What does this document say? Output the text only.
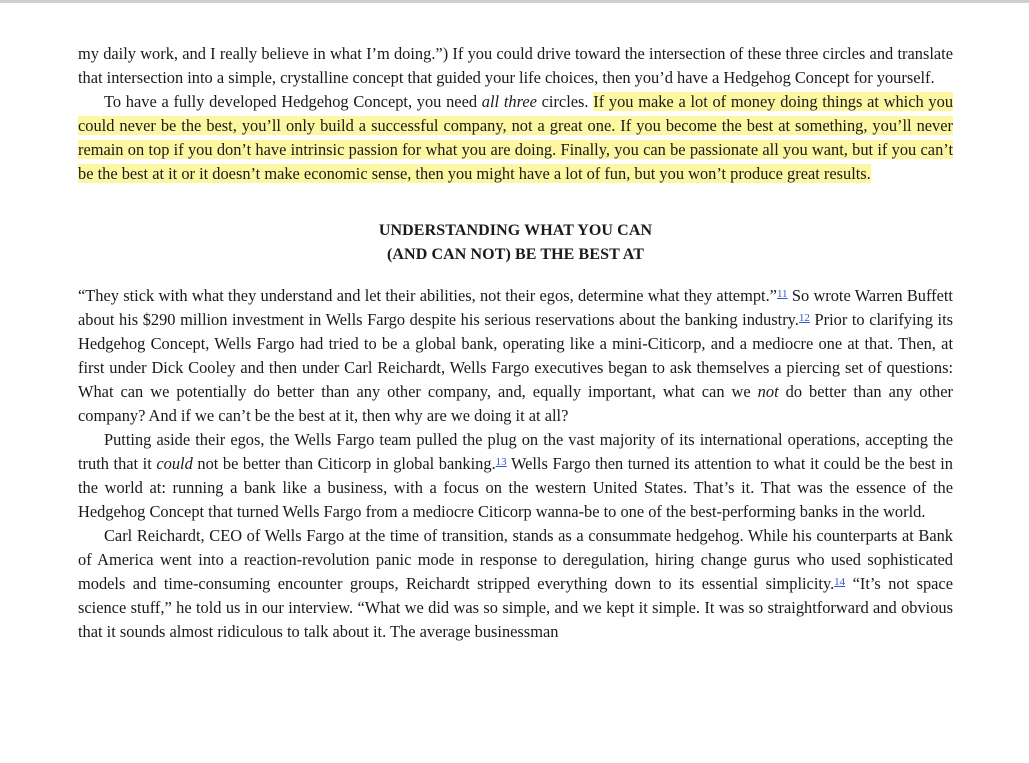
my daily work, and I really believe in what I’m doing.”) If you could drive toward the intersection of these three circles and translate that intersection into a simple, crystalline concept that guided your life choices, then you’d have a Hedgehog Concept for yourself.

To have a fully developed Hedgehog Concept, you need all three circles. If you make a lot of money doing things at which you could never be the best, you’ll only build a successful company, not a great one. If you become the best at something, you’ll never remain on top if you don’t have intrinsic passion for what you are doing. Finally, you can be passionate all you want, but if you can’t be the best at it or it doesn’t make economic sense, then you might have a lot of fun, but you won’t produce great results.

UNDERSTANDING WHAT YOU CAN
(AND CAN NOT) BE THE BEST AT

“They stick with what they understand and let their abilities, not their egos, determine what they attempt.”$^{11}$ So wrote Warren Buffett about his $290 million investment in Wells Fargo despite his serious reservations about the banking industry.$^{12}$ Prior to clarifying its Hedgehog Concept, Wells Fargo had tried to be a global bank, operating like a mini-Citicorp, and a mediocre one at that. Then, at first under Dick Cooley and then under Carl Reichardt, Wells Fargo executives began to ask themselves a piercing set of questions: What can we potentially do better than any other company, and, equally important, what can we not do better than any other company? And if we can’t be the best at it, then why are we doing it at all?

Putting aside their egos, the Wells Fargo team pulled the plug on the vast majority of its international operations, accepting the truth that it could not be better than Citicorp in global banking.$^{13}$ Wells Fargo then turned its attention to what it could be the best in the world at: running a bank like a business, with a focus on the western United States. That’s it. That was the essence of the Hedgehog Concept that turned Wells Fargo from a mediocre Citicorp wanna-be to one of the best-performing banks in the world.

Carl Reichardt, CEO of Wells Fargo at the time of transition, stands as a consummate hedgehog. While his counterparts at Bank of America went into a reaction-revolution panic mode in response to deregulation, hiring change gurus who used sophisticated models and time-consuming encounter groups, Reichardt stripped everything down to its essential simplicity.$^{14}$ “It’s not space science stuff,” he told us in our interview. “What we did was so simple, and we kept it simple. It was so straightforward and obvious that it sounds almost ridiculous to talk about it. The average businessman
